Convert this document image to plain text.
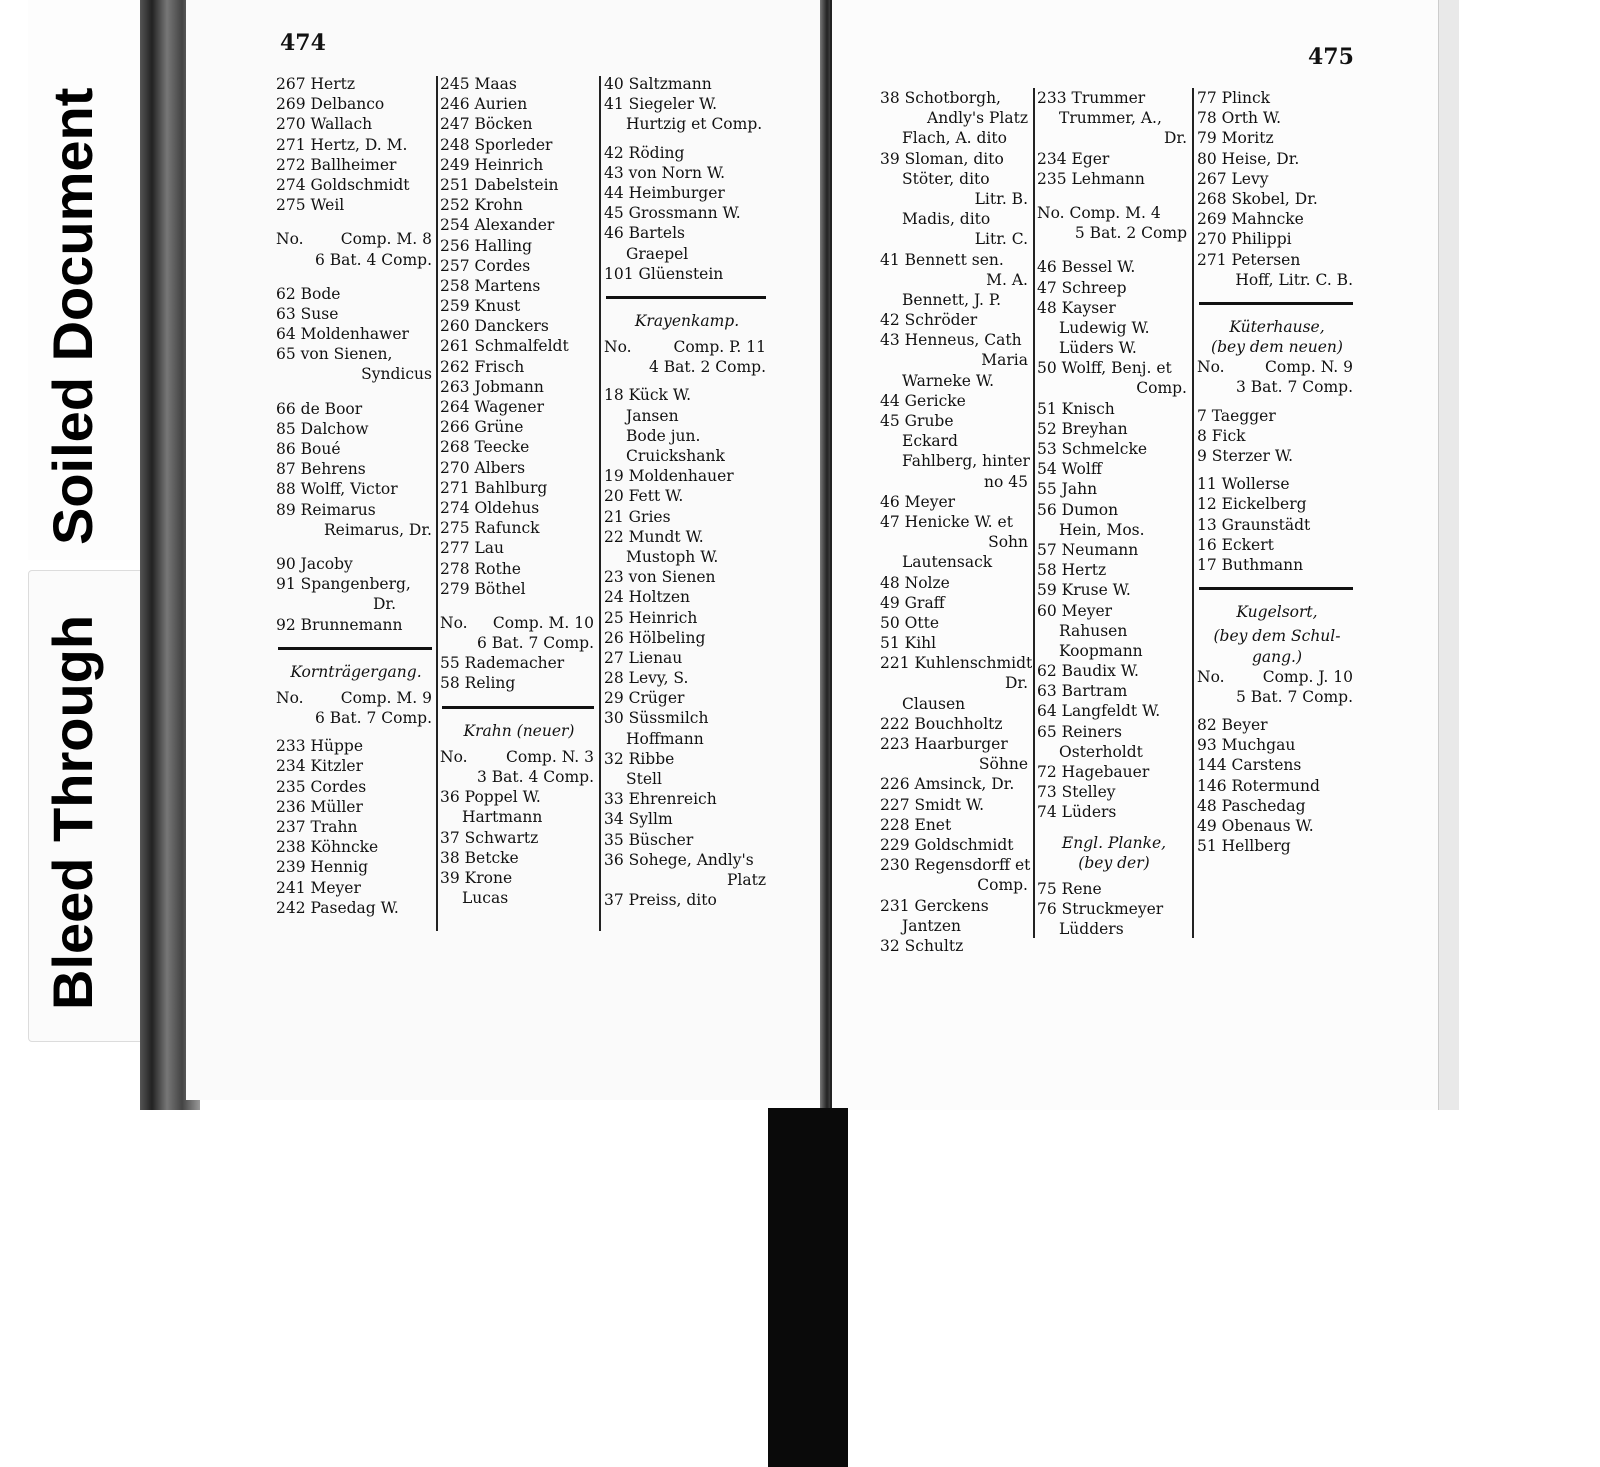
Soiled Document
Bleed Through
474
475
267 Hertz
269 Delbanco
270 Wallach
271 Hertz, D. M.
272 Ballheimer
274 Goldschmidt
275 Weil
No. Comp. M. 8
6 Bat. 4 Comp.
62 Bode
63 Suse
64 Moldenhawer
65 von Sienen,
Syndicus
66 de Boor
85 Dalchow
86 Boué
87 Behrens
88 Wolff, Victor
89 Reimarus
Reimarus, Dr.
90 Jacoby
91 Spangenberg,
Dr.
92 Brunnemann
Kornträgergang.
No. Comp. M. 9
6 Bat. 7 Comp.
233 Hüppe
234 Kitzler
235 Cordes
236 Müller
237 Trahn
238 Köhncke
239 Hennig
241 Meyer
242 Pasedag W.
245 Maas
246 Aurien
247 Böcken
248 Sporleder
249 Heinrich
251 Dabelstein
252 Krohn
254 Alexander
256 Halling
257 Cordes
258 Martens
259 Knust
260 Danckers
261 Schmalfeldt
262 Frisch
263 Jobmann
264 Wagener
266 Grüne
268 Teecke
270 Albers
271 Bahlburg
274 Oldehus
275 Rafunck
277 Lau
278 Rothe
279 Böthel
No. Comp. M. 10
6 Bat. 7 Comp.
55 Rademacher
58 Reling
Krahn (neuer)
No. Comp. N. 3
3 Bat. 4 Comp.
36 Poppel W.
Hartmann
37 Schwartz
38 Betcke
39 Krone
Lucas
40 Saltzmann
41 Siegeler W.
Hurtzig et Comp.
42 Röding
43 von Norn W.
44 Heimburger
45 Grossmann W.
46 Bartels
Graepel
101 Glüenstein
Krayenkamp.
No.	Comp. P. 11
4 Bat. 2 Comp.
18 Kück W.
Jansen
Bode jun.
Cruickshank
19 Moldenhauer
20 Fett W.
21 Gries
22 Mundt W.
Mustoph W.
23 von Sienen
24 Holtzen
25 Heinrich
26 Hölbeling
27 Lienau
28 Levy, S.
29 Crüger
30 Süssmilch
Hoffmann
32 Ribbe
Stell
33 Ehrenreich
34 Syllm
35 Büscher
36 Sohege, Andly's
Platz
37 Preiss, dito
38 Schotborgh,
Andly's Platz
Flach, A. dito
39 Sloman, dito
Stöter, dito
Litr. B.
Madis, dito
Litr. C.
41 Bennett sen.
M. A.
Bennett, J. P.
42 Schröder
43 Henneus, Cath
Maria
Warneke W.
44 Gericke
45 Grube
Eckard
Fahlberg, hinter
no 45
46 Meyer
47 Henicke W. et
Sohn
Lautensack
48 Nolze
49 Graff
50 Otte
51 Kihl
221 Kuhlenschmidt
Dr.
Clausen
222 Bouchholtz
223 Haarburger
Söhne
226 Amsinck, Dr.
227 Smidt W.
228 Enet
229 Goldschmidt
230 Regensdorff et
Comp.
231 Gerckens
Jantzen
32 Schultz
233 Trummer
Trummer, A.,
Dr.
234 Eger
235 Lehmann
No. Comp. M. 4
5 Bat. 2 Comp
46 Bessel W.
47 Schreep
48 Kayser
Ludewig W.
Lüders W.
50 Wolff, Benj. et
Comp.
51 Knisch
52 Breyhan
53 Schmelcke
54 Wolff
55 Jahn
56 Dumon
Hein, Mos.
57 Neumann
58 Hertz
59 Kruse W.
60 Meyer
Rahusen
Koopmann
62 Baudix W.
63 Bartram
64 Langfeldt W.
65 Reiners
Osterholdt
72 Hagebauer
73 Stelley
74 Lüders
Engl. Planke,
(bey der)
75 Rene
76 Struckmeyer
Lüdders
77 Plinck
78 Orth W.
79 Moritz
80 Heise, Dr.
267 Levy
268 Skobel, Dr.
269 Mahncke
270 Philippi
271 Petersen
Hoff, Litr. C. B.
Küterhause,
(bey dem neuen)
No.	Comp. N. 9
3 Bat. 7 Comp.
7 Taegger
8 Fick
9 Sterzer W.
11 Wollerse
12 Eickelberg
13 Graunstädt
16 Eckert
17 Buthmann
Kugelsort,
(bey dem Schul-
gang.)
No. Comp. J. 10
5 Bat. 7 Comp.
82 Beyer
93 Muchgau
144 Carstens
146 Rotermund
48 Paschedag
49 Obenaus W.
51 Hellberg
